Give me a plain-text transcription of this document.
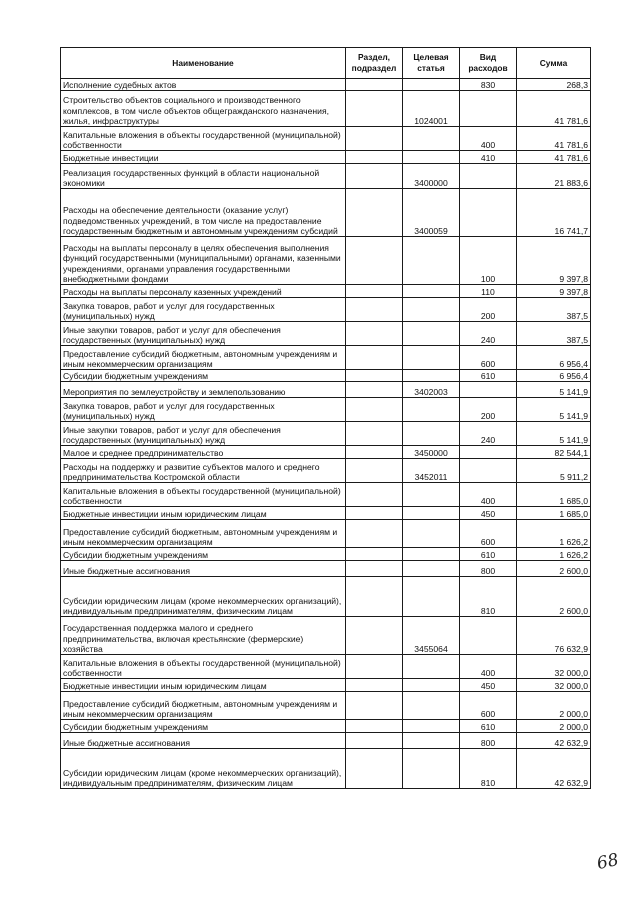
Наименование	Раздел, подраздел	Целевая статья	Вид расходов	Сумма
Исполнение судебных актов			830	268,3
Строительство объектов социального и производственного комплексов, в том числе объектов общегражданского назначения, жилья, инфраструктуры		1024001		41 781,6
Капитальные вложения в объекты государственной (муниципальной) собственности			400	41 781,6
Бюджетные инвестиции			410	41 781,6
Реализация государственных функций в области национальной экономики		3400000		21 883,6
Расходы на обеспечение деятельности (оказание услуг) подведомственных учреждений, в том числе на предоставление государственным бюджетным и автономным учреждениям субсидий		3400059		16 741,7
Расходы на выплаты персоналу в целях обеспечения выполнения функций государственными (муниципальными) органами, казенными учреждениями, органами управления государственными внебюджетными фондами			100	9 397,8
Расходы на выплаты персоналу казенных учреждений			110	9 397,8
Закупка товаров, работ и услуг для государственных (муниципальных) нужд			200	387,5
Иные закупки товаров, работ и услуг для обеспечения государственных (муниципальных) нужд			240	387,5
Предоставление субсидий бюджетным, автономным учреждениям и иным некоммерческим организациям			600	6 956,4
Субсидии бюджетным учреждениям			610	6 956,4
Мероприятия по землеустройству и землепользованию		3402003		5 141,9
Закупка товаров, работ и услуг для государственных (муниципальных) нужд			200	5 141,9
Иные закупки товаров, работ и услуг для обеспечения государственных (муниципальных) нужд			240	5 141,9
Малое и среднее предпринимательство		3450000		82 544,1
Расходы на поддержку и развитие субъектов малого и среднего предпринимательства Костромской области		3452011		5 911,2
Капитальные вложения в объекты государственной (муниципальной) собственности			400	1 685,0
Бюджетные инвестиции иным юридическим лицам			450	1 685,0
Предоставление субсидий бюджетным, автономным учреждениям и иным некоммерческим организациям			600	1 626,2
Субсидии бюджетным учреждениям			610	1 626,2
Иные бюджетные ассигнования			800	2 600,0
Субсидии юридическим лицам (кроме некоммерческих организаций), индивидуальным предпринимателям, физическим лицам			810	2 600,0
Государственная поддержка малого и среднего предпринимательства, включая крестьянские (фермерские) хозяйства		3455064		76 632,9
Капитальные вложения в объекты государственной (муниципальной) собственности			400	32 000,0
Бюджетные инвестиции иным юридическим лицам			450	32 000,0
Предоставление субсидий бюджетным, автономным учреждениям и иным некоммерческим организациям			600	2 000,0
Субсидии бюджетным учреждениям			610	2 000,0
Иные бюджетные ассигнования			800	42 632,9
Субсидии юридическим лицам (кроме некоммерческих организаций), индивидуальным предпринимателям, физическим лицам			810	42 632,9
68
